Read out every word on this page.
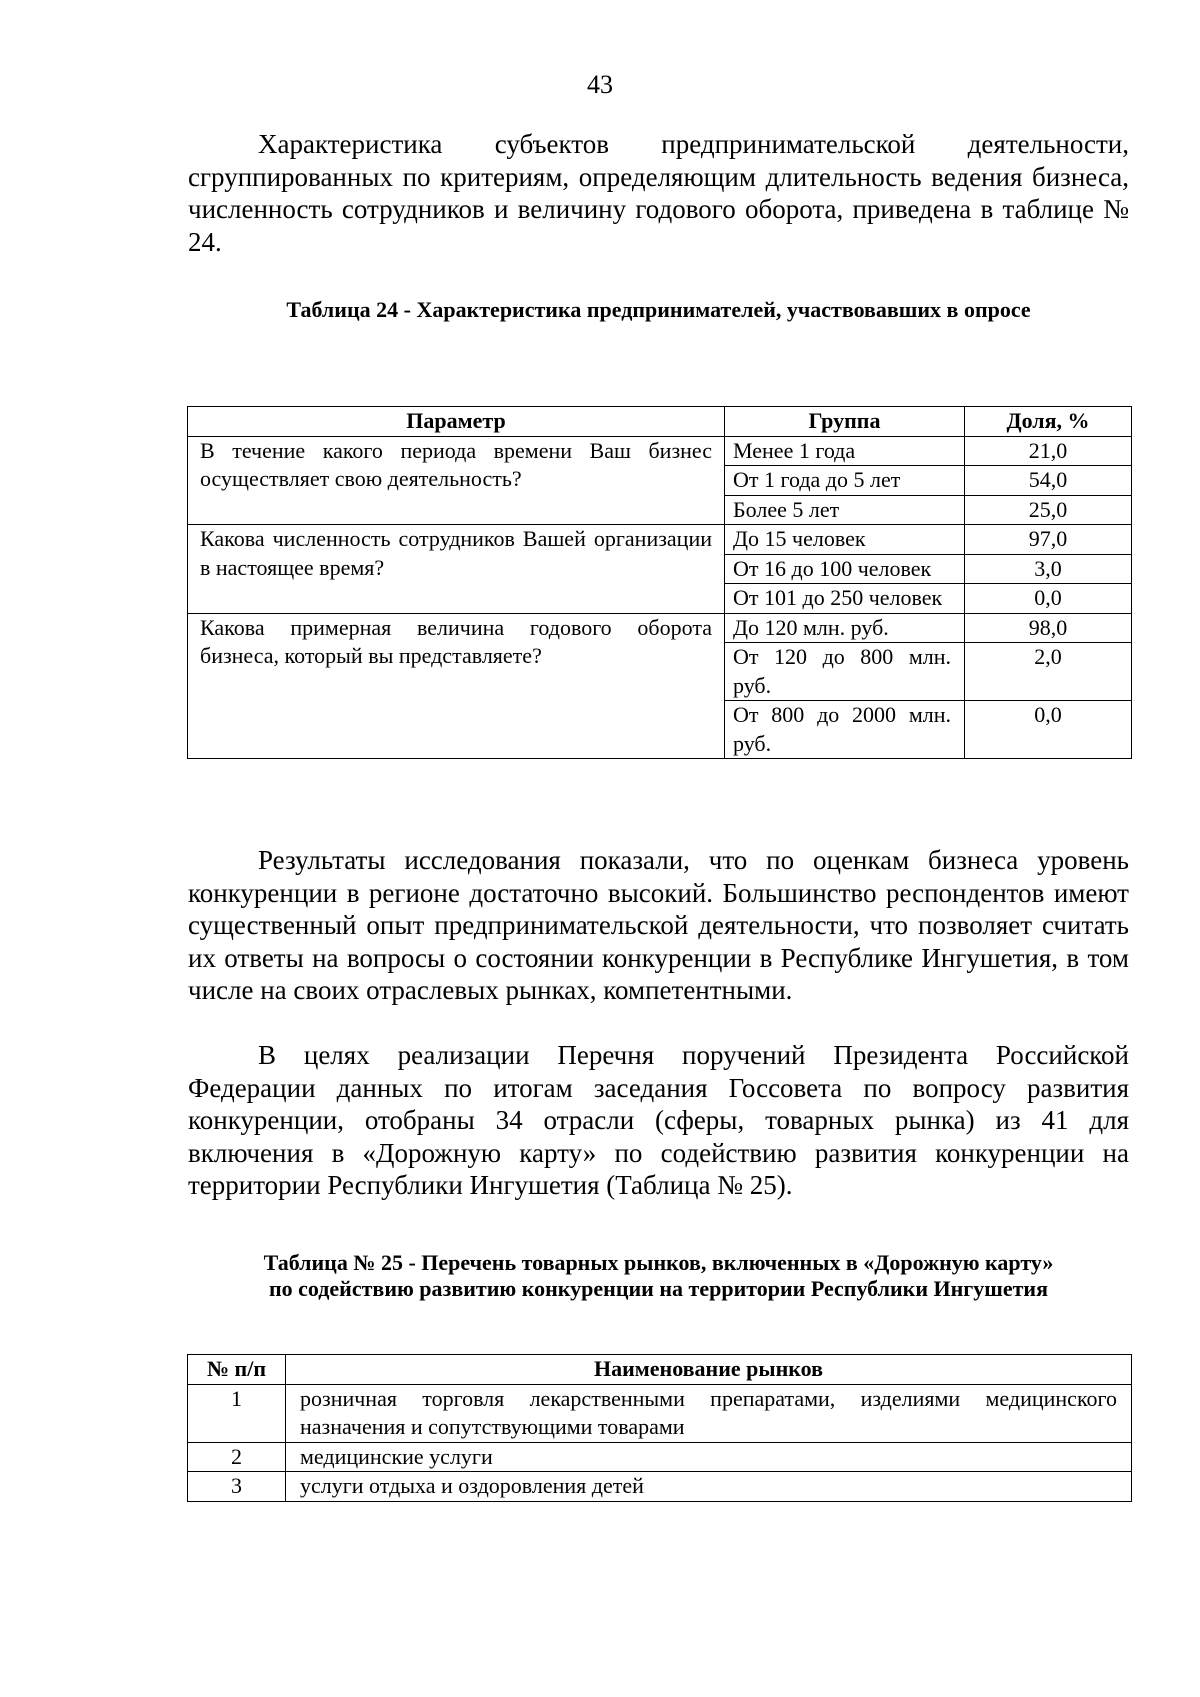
43

Характеристика субъектов предпринимательской деятельности, сгруппированных по критериям, определяющим длительность ведения бизнеса, численность сотрудников и величину годового оборота, приведена в таблице № 24.

Таблица 24 - Характеристика предпринимателей, участвовавших в опросе

Параметр	Группа	Доля, %
В течение какого периода времени Ваш бизнес осуществляет свою деятельность?	Менее 1 года	21,0
	От 1 года до 5 лет	54,0
	Более 5 лет	25,0
Какова численность сотрудников Вашей организации в настоящее время?	До 15 человек	97,0
	От 16 до 100 человек	3,0
	От 101 до 250 человек	0,0
Какова примерная величина годового оборота бизнеса, который вы представляете?	До 120 млн. руб.	98,0
	От 120 до 800 млн. руб.	2,0
	От 800 до 2000 млн. руб.	0,0

Результаты исследования показали, что по оценкам бизнеса уровень конкуренции в регионе достаточно высокий. Большинство респондентов имеют существенный опыт предпринимательской деятельности, что позволяет считать их ответы на вопросы о состоянии конкуренции в Республике Ингушетия, в том числе на своих отраслевых рынках, компетентными.

В целях реализации Перечня поручений Президента Российской Федерации данных по итогам заседания Госсовета по вопросу развития конкуренции, отобраны 34 отрасли (сферы, товарных рынка) из 41 для включения в «Дорожную карту» по содействию развития конкуренции на территории Республики Ингушетия (Таблица № 25).

Таблица № 25 - Перечень товарных рынков, включенных в «Дорожную карту»

по содействию развитию конкуренции на территории Республики Ингушетия

№ п/п	Наименование рынков
1	розничная торговля лекарственными препаратами, изделиями медицинского назначения и сопутствующими товарами
2	медицинские услуги
3	услуги отдыха и оздоровления детей
